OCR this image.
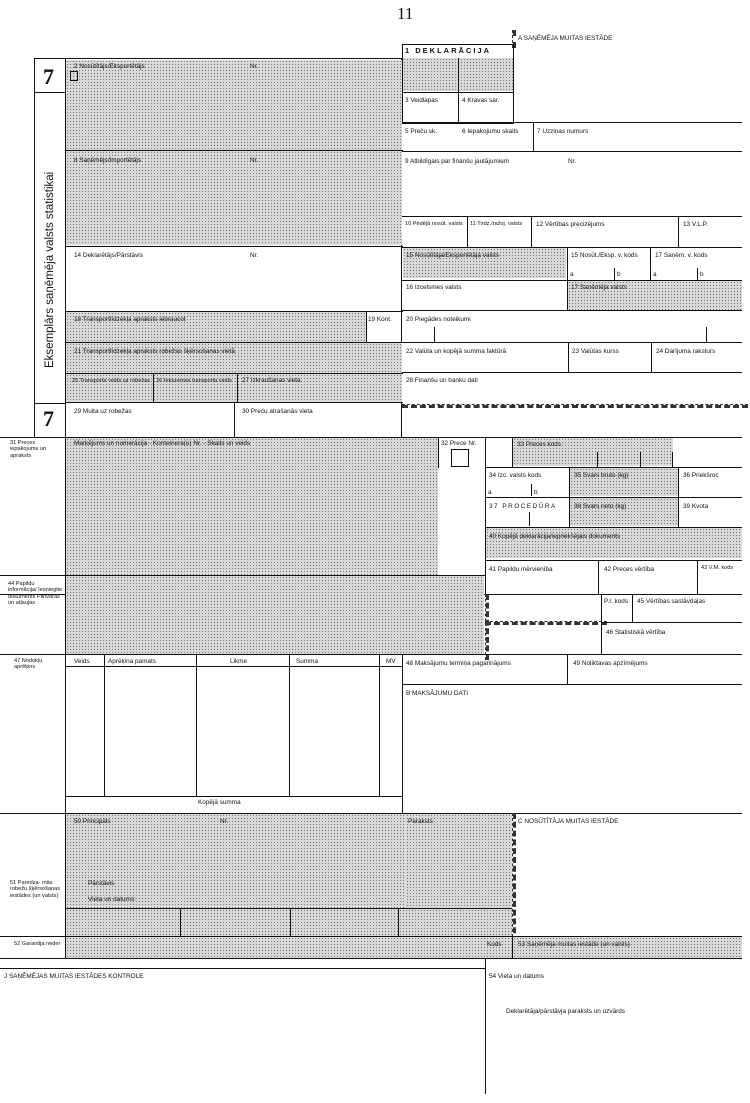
11
A SAŅĒMĒJA MUITAS IESTĀDE
7
7
Eksemplārs saņēmēja valsts statistikai
2 Nosūtītājs/Eksportētājs	Nr.
8 Saņēmējs/Importētājs	Nr.
14 Deklarētājs/Pārstāvis	Nr.
18 Transportlīdzekļa apraksts iebraucot	19 Kont.
21 Transportlīdzekļa apraksts robežas šķērsošanas vietā
25 Transporta veids uz robežas	26 Iekšzemes transporta veids	27 Izkraušanas vieta
29 Muita uz robežas	30 Preču atrašanās vieta
1 DEKLARĀCIJA
3 Veidlapas	4 Kravas sar.
5 Preču sk.	6 Iepakojumu skaits	7 Uzziņas numurs
9 Atbildīgais par finanšu jautājumiem	Nr.
10 Pēdējā nosūt. valsts	11 Tirdz./ražoj. valsts	12 Vērtības precizējums	13 V.L.P.
15 Nosūtītāja/Eksportētāja valsts	15 Nosūt./Eksp. v. kods	17 Saņēm. v. kods
a	b	a	b
16 Izcelsmes valsts	17 Saņēmēja valsts
20 Piegādes noteikumi
22 Valūta un kopējā summa faktūrā	23 Valūtas kurss	24 Darījuma raksturs
28 Finanšu un banku dati
31 Preces iepakojums un apraksts
Marķējums un numerācija - Konteinera(u) Nr. - Skaits un veids	32 Prece Nr.	33 Preces kods
34 Izc. valsts kods
a	b
35 Svars bruto (kg)	36 Priekšroc
37 PROCEDŪRA	38 Svars neto (kg)	39 Kvota
40 Kopējā deklarācija/iepriekšējais dokuments
41 Papildu mērvienība	42 Preces vērtība	43 V.M. kods
44 Papildu informācija/ Iesniegtie dokumenti/ Pilnvaras un atļaujas	P.I. kods 45 Vērtības sastāvdaļas
46 Statistiskā vērtība
47 Nodokļu aprēķins
Veids	Aprēķina pamats	Likme	Summa	MV
Kopējā summa
48 Maksājumu termiņa pagarinājums	49 Noliktavas apzīmējums
B MAKSĀJUMU DATI
50 Principāls	Nr.	Paraksts	C NOSŪTĪTĀJA MUITAS IESTĀDE
51 Paredza- mās robežu šķērsošanas iestādes (un valsts)
Pārstāvis
Vieta un datums:
52 Garantija neder	Kods	53 Saņēmēja muitas iestāde (un valsts)
J SAŅĒMĒJAS MUITAS IESTĀDES KONTROLE	54 Vieta un datums
Deklarētāja/pārstāvja paraksts un uzvārds
